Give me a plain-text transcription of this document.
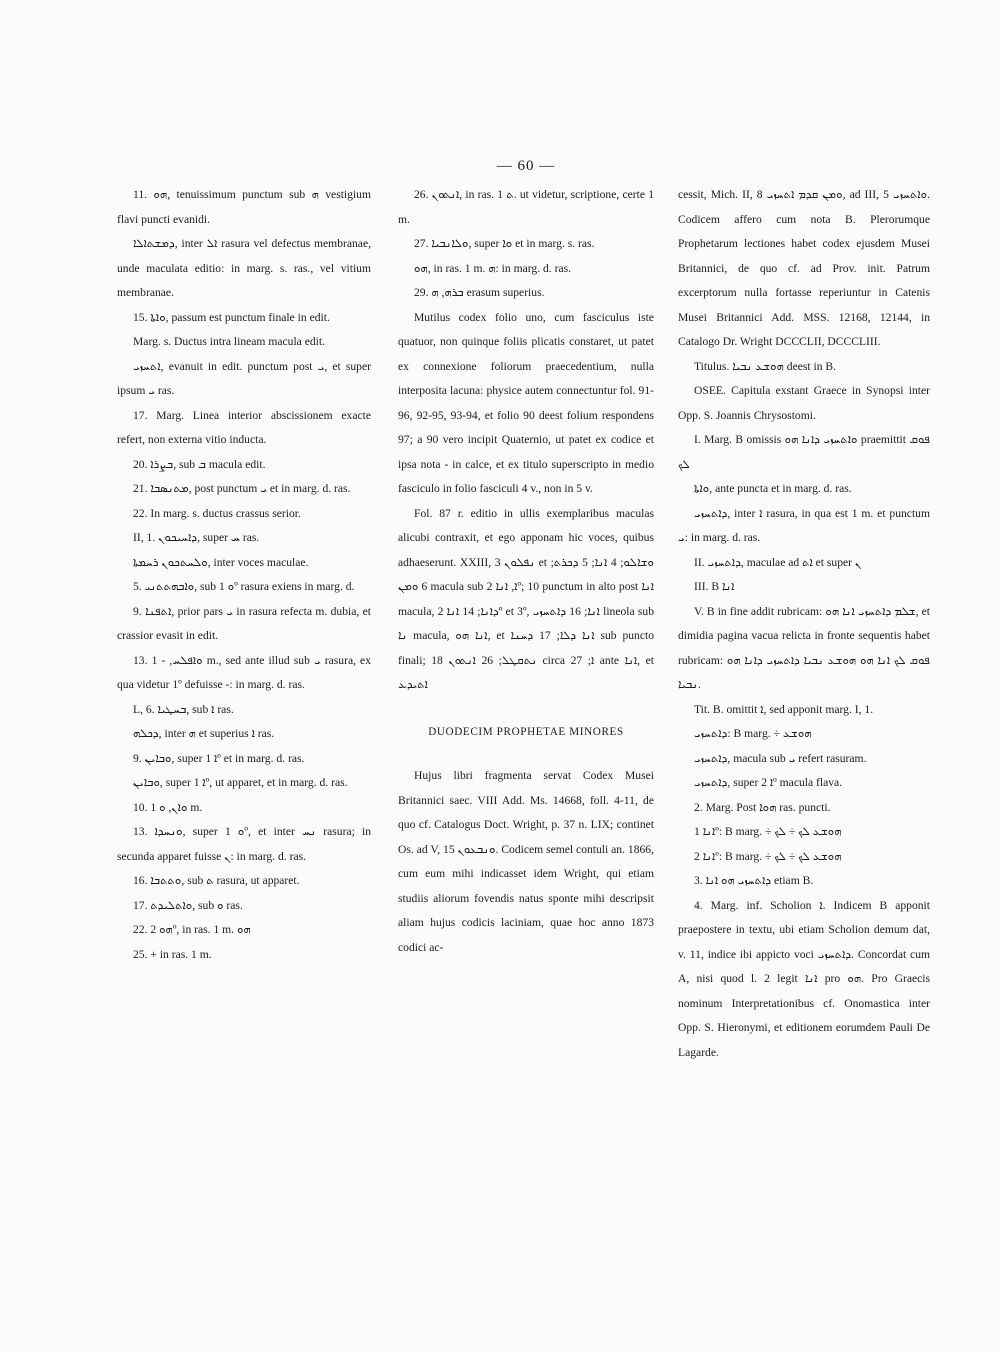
— 60 —

11. ܗܘ, tenuissimum punctum sub ܗ vestigium flavi puncti evanidi.

ܕܡܫܬܐܠܐ, inter ܐܠ rasura vel defectus membranae, unde maculata editio: in marg. s. ras., vel vitium membranae.

15. ܘܐܬܐ, passum est punctum finale in edit.

Marg. s. Ductus intra lineam macula edit.

ܐܬܚܙܝ, evanuit in edit. punctum post ܝ, et super ipsum ܝ ras.

17. Marg. Linea interior abscissionem exacte refert, non externa vitio inducta.

20. ܒܨܪܐ, sub ܒ macula edit.

21. ܡܬܢܣܒܐ, post punctum ܝ et in marg. d. ras.

22. In marg. s. ductus crassus serior.

II, 1. ܕܐܚܝܟܘܢ, super ܚ ras.

ܘܠܚܬܟܘܢ ܪܚܡܬܐ, inter voces maculae.

5. ܘܐܒܗܬܬܢܝ, sub ܘ 1º rasura exiens in marg. d.

9. ܐܬܦܢܐ, prior pars ܝ in rasura refecta m. dubia, et crassior evasit in edit.

13. ܘܐܦܠܚ, - 1 m., sed ante illud sub ܝ rasura, ex qua videtur 1º defuisse -: in marg. d. ras.

L, 6. ܒܚܛܝܐ, sub ܐ ras.

ܕܟܠܗ, inter ܗ et superius ܐ ras.

9. ܘܒܐܝܢ, super ܐ 1º et in marg. d. ras.

ܘܒܐܝܢ, super ܐ 1º, ut apparet, et in marg. d. ras.

10. ܘܐܢ, ܘ 1 m.

13. ܘܢܚܕܐ, super ܘ 1º, et inter ܢܚ rasura; in secunda apparet fuisse ܢ: in marg. d. ras.

16. ܘܬܬܒܐ, sub ܬ rasura, ut apparet.

17. ܘܐܬܠܝܕܬ, sub ܘ ras.

22. ܗܘ 2º, in ras. 1 m. ܗܘ

25. + in ras. 1 m.

26. ܐܢܬܘܢ, in ras. ܬ 1. ut videtur, scriptione, certe 1 m.

27. ܘܠܐܢܒܝܐ, super ܘܐ et in marg. s. ras.

ܗܘ, in ras. 1 m. ܗ: in marg. d. ras.

29. ܒܪܗ, ܗ erasum superius.

Mutilus codex folio uno, cum fasciculus iste quatuor, non quinque foliis plicatis constaret, ut patet ex connexione foliorum praecedentium, nulla interposita lacuna: physice autem connectuntur fol. 91-96, 92-95, 93-94, et folio 90 deest folium respondens 97; a 90 vero incipit Quaternio, ut patet ex codice et ipsa nota - in calce, et ex titulo superscripto in medio fasciculo in folio fasciculi 4 v., non in 5 v.

Fol. 87 r. editio in ullis exemplaribus maculas alicubi contraxit, et ego apponam hic voces, quibus adhaeserunt. XXIII, 3 ܢܦܠܘܢ et ܘܫܐܠܘ; 4 ܐܢܐ; 5 ܕܟܪܬ; 6 ܘܡܢ macula sub ܐ, ܐܢܐ 2º; 10 punctum in alto post ܐܢܐ macula, ܕܐܢܐ; 14 ܐܢܐ 2º et 3º, ܐܢܐ; 16 ܕܐܬܚܙܝ lineola sub ܢܐ macula, ܐܢܐ ܗܘ, et ܐܢܐ ܕܠܐ; 17 ܕܚܢܐ sub puncto finali; 18 ܢܬܩܛܠ; 26 ܐܢܬܘܢ circa ܐ; 27 ante ܐܢܐ, et ܐܬܝܕܥ

DUODECIM PROPHETAE MINORES

Hujus libri fragmenta servat Codex Musei Britannici saec. VIII Add. Ms. 14668, foll. 4-11, de quo cf. Catalogus Doct. Wright, p. 37 n. LIX; continet Os. ad V, 15 ܘܢܒܥܘܢ. Codicem semel contuli an. 1866, cum eum mihi indicasset idem Wright, qui etiam studiis aliorum fovendis natus sponte mihi descripsit aliam hujus codicis laciniam, quae hoc anno 1873 codici ac-

cessit, Mich. II, 8 ܘܡܢ ܩܕܡ ܐܬܚܙܝ, ad III, 5 ܘܐܬܚܙܝ. Codicem affero cum nota B. Plerorumque Prophetarum lectiones habet codex ejusdem Musei Britannici, de quo cf. ad Prov. init. Patrum excerptorum nulla fortasse reperiuntur in Catenis Musei Britannici Add. MSS. 12168, 12144, in Catalogo Dr. Wright DCCCLII, DCCCLIII.

Titulus. ܗܘܫܥ ܢܒܝܐ deest in B.

OSEE. Capitula exstant Graece in Synopsi inter Opp. S. Joannis Chrysostomi.

I. Marg. B omissis ܘܐܬܚܙܝ ܕܐܢܐ ܗܘ praemittit ܦܘܩ ܠܟ

ܘܐܬܐ, ante puncta et in marg. d. ras.

ܕܐܬܚܙܝ, inter ܐ rasura, in qua est 1 m. et punctum ܝ: in marg. d. ras.

II. ܕܐܬܚܙܝ, maculae ad ܐܬ et super ܢ

III. B ܐܢܐ

V. B in fine addit rubricam: ܫܠܡ ܕܐܬܚܙܝ ܐܢܐ ܗܘ, et dimidia pagina vacua relicta in fronte sequentis habet rubricam: ܦܘܩ ܠܟ ܐܢܐ ܗܘ ܗܘܫܥ ܢܒܝܐ ܕܐܬܚܙܝ ܕܐܢܐ ܗܘ ܢܒܝܐ.

Tit. B. omittit ܐ, sed apponit marg. I, 1.

ܕܐܬܚܙܝ: B marg. ÷ ܗܘܫܥ

ܕܐܬܚܙܝ, macula sub ܝ refert rasuram.

ܕܐܬܚܙܝ, super ܐ 2º macula flava.

2. Marg. Post ܗܘܐ ras. puncti.

ܐܢܐ 1º: B marg. ÷ ܗܘܫܥ ܠܟ ÷ ܠܟ

ܐܢܐ 2º: B marg. ÷ ܗܘܫܥ ܠܟ ÷ ܠܟ

3. ܕܐܬܚܙܝ ܗܘ ܐܢܐ etiam B.

4. Marg. inf. Scholion ܐ. Indicem B apponit praepostere in textu, ubi etiam Scholion demum dat, v. 11, indice ibi appicto voci ܕܐܬܚܙܝ. Concordat cum A, nisi quod l. 2 legit ܐܢܐ pro ܗܘ. Pro Graecis nominum Interpretationibus cf. Onomastica inter Opp. S. Hieronymi, et editionem eorumdem Pauli De Lagarde.
